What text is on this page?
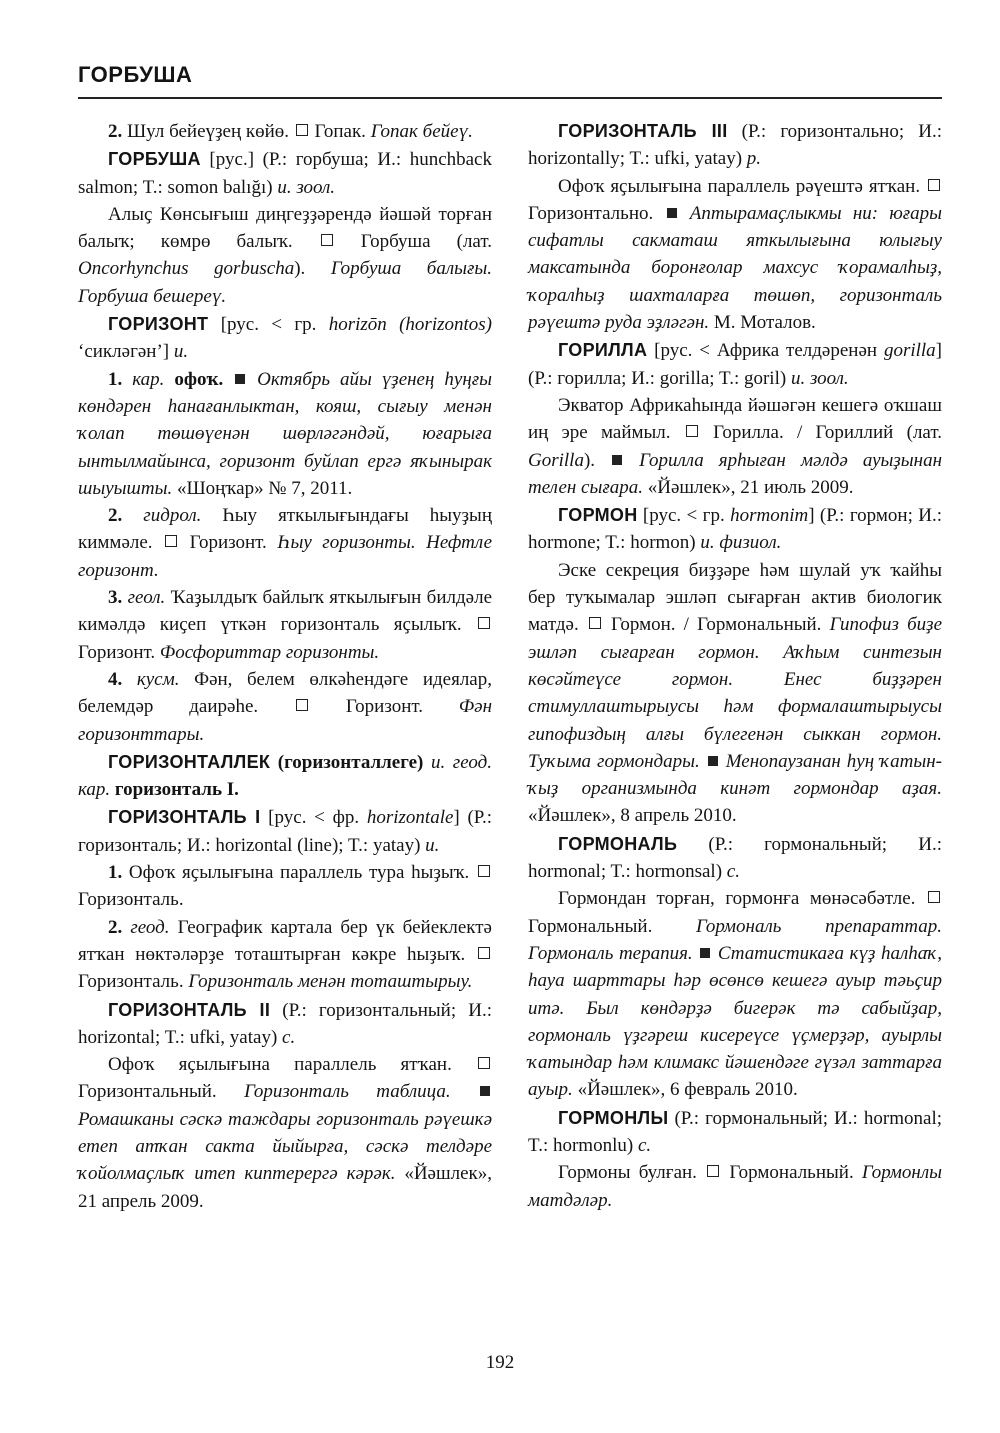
ГОРБУША

2. Шул бейеүҙең көйө.  Гопак. Гопак бейеү.

ГОРБУША [рус.] (Р.: горбуша; И.: hunchback salmon; T.: somon balığı) и. зоол.

Алыҫ Көнсығыш диңгеҙҙәрендә йәшәй торған балыҡ; көмрө балыҡ.  Горбуша (лат. Oncorhynchus gorbuscha). Горбуша балығы. Горбуша бешереү.

ГОРИЗОНТ [рус. < гр. horizōn (horizontos) ‘сикләгән’] и.

1. кар. офоҡ. Октябрь айы үҙенең һуңғы көндәрен һанағанлыктан, кояш, сығыу менән ҡолап төшөүенән шөрләгәндәй, юғарыға ынтылмайынса, горизонт буйлап ергә яҡынырак шыуышты. «Шоңҡар» № 7, 2011.

2. гидрол. Һыу яткылығындағы һыуҙың киммәле.  Горизонт. Һыу горизонты. Нефтле горизонт.

3. геол. Ҡаҙылдыҡ байлыҡ яткылығын билдәле кимәлдә киҫеп үткән горизонталь яҫылыҡ.  Горизонт. Фосфориттар горизонты.

4. кусм. Фән, белем өлкәһендәге идеялар, белемдәр даирәһе.  Горизонт. Фән горизонттары.

ГОРИЗОНТАЛЛЕК (горизонталлеге) и. геод. кар. горизонталь I.

ГОРИЗОНТАЛЬ I [рус. < фр. horizontale] (Р.: горизонталь; И.: horizontal (line); T.: yatay) и.

1. Офоҡ яҫылығына параллель тура һыҙыҡ.  Горизонталь.

2. геод. Географик картала бер үк бейеклектә ятҡан нөктәләрҙе тоташтырған кәкре һыҙыҡ.  Горизонталь. Горизонталь менән тоташтырыу.

ГОРИЗОНТАЛЬ II (Р.: горизонтальный; И.: horizontal; T.: ufki, yatay) с.

Офоҡ яҫылығына параллель ятҡан.  Горизонтальный. Горизонталь таблица.  Ромашканы сәскә таждары горизонталь рәүешкә етеп атҡан сакта йыйырға, сәскә телдәре ҡойолмаҫлыҡ итеп киптерергә кәрәк. «Йәшлек», 21 апрель 2009.

ГОРИЗОНТАЛЬ III (Р.: горизонтально; И.: horizontally; T.: ufki, yatay) р.

Офоҡ яҫылығына параллель рәүештә ятҡан.  Горизонтально.  Аптырамаҫлыкмы ни: юғары сифатлы сакматаш яткылығына юлығыу максатында боронғолар махсус ҡорамалһыҙ, ҡоралһыҙ шахталарға төшөп, горизонталь рәүештә руда эҙләгән. М. Моталов.

ГОРИЛЛА [рус. < Африка телдәренән gorilla] (Р.: горилла; И.: gorilla; T.: goril) и. зоол.

Экватор Африкаһында йәшәгән кешегә оҡшаш иң эре маймыл.  Горилла. / Гориллий (лат. Gorilla).  Горилла ярһыған мәлдә ауыҙынан телен сығара. «Йәшлек», 21 июль 2009.

ГОРМОН [рус. < гр. hormonim] (Р.: гормон; И.: hormone; T.: hormon) и. физиол.

Эске секреция биҙҙәре һәм шулай уҡ ҡайһы бер туҡымалар эшләп сығарған актив биологик матдә.  Гормон. / Гормональный. Гипофиз биҙе эшләп сығарған гормон. Аҡһым синтезын көсәйтеүсе гормон. Енес биҙҙәрен стимуллаштырыусы һәм формалаштырыусы гипофиздың алғы бүлегенән сыккан гормон. Туҡыма гормондары.  Менопаузанан һуң ҡатын-ҡыҙ организмында кинәт гормондар аҙая. «Йәшлек», 8 апрель 2010.

ГОРМОНАЛЬ (Р.: гормональный; И.: hormonal; T.: hormonsal) с.

Гормондан торған, гормонға мөнәсәбәтле.  Гормональный. Гормональ препараттар. Гормональ терапия.  Статистикаға күҙ һалһаҡ, һауа шарттары һәр өсөнсө кешегә ауыр тәьҫир итә. Был көндәрҙә бигерәк тә сабыйҙар, гормональ үҙгәреш кисереүсе үҫмерҙәр, ауырлы ҡатындар һәм климакс йәшендәге гүзәл заттарға ауыр. «Йәшлек», 6 февраль 2010.

ГОРМОНЛЫ (Р.: гормональный; И.: hormonal; T.: hormonlu) с.

Гормоны булған.  Гормональный. Гормонлы матдәләр.

192
